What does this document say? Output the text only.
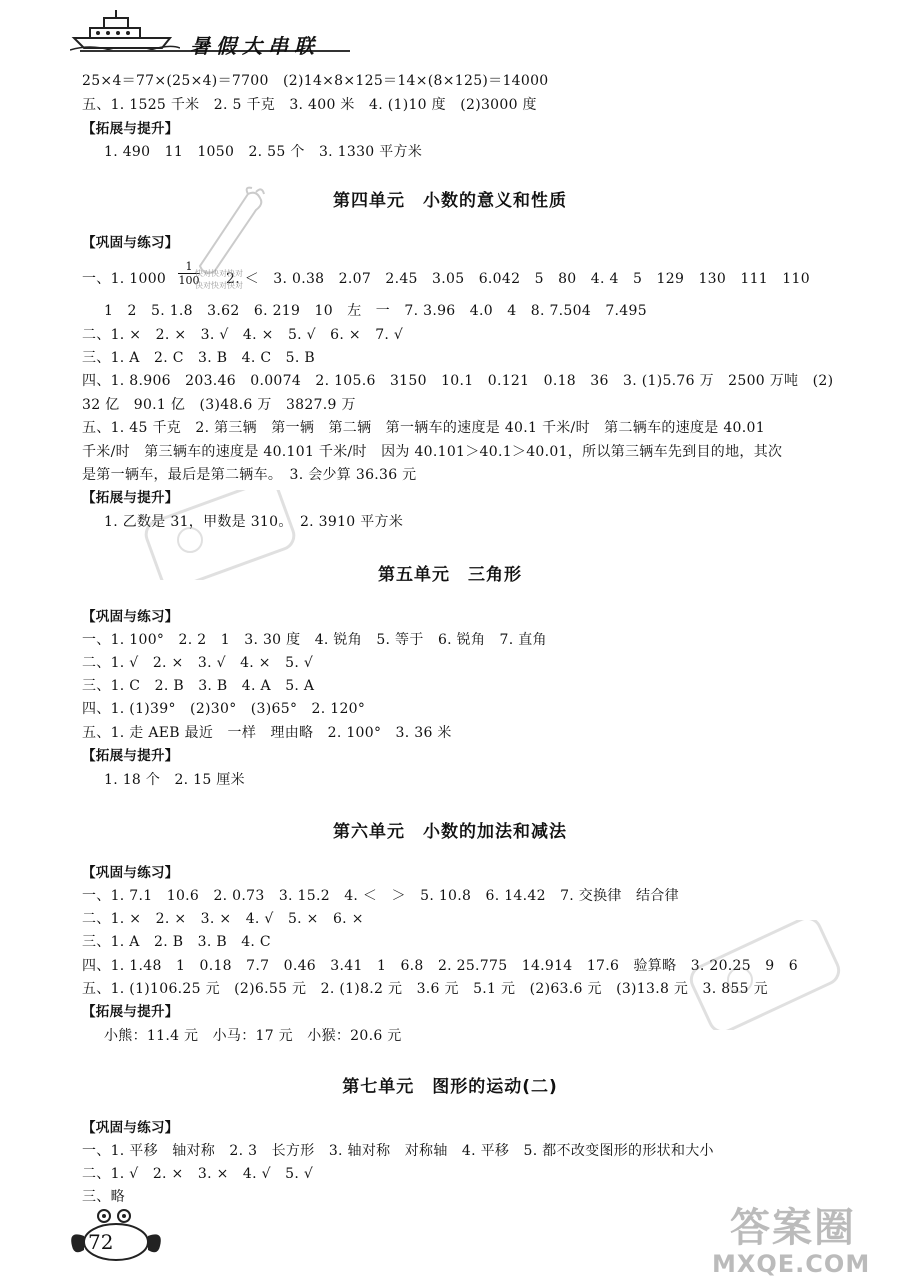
暑假大串联
25×4＝77×(25×4)＝7700　(2)14×8×125＝14×(8×125)＝14000
五、1. 1525 千米　2. 5 千克　3. 400 米　4. (1)10 度　(2)3000 度
【拓展与提升】
1. 490　11　1050　2. 55 个　3. 1330 平方米
第四单元　小数的意义和性质
【巩固与练习】
一、1. $1000 \frac{1}{100} 2$. ＜　3. 0.38　2.07　2.45　3.05　6.042　5　80　4. 4　5　129　130　111　110
1　2　5. 1.8　3.62　6. 219　10　左　一　7. 3.96　4.0　4　8. 7.504　7.495
二、1. ×　2. ×　3. √　4. ×　5. √　6. ×　7. √
三、1. A　2. C　3. B　4. C　5. B
四、1. 8.906　203.46　0.0074　2. 105.6　3150　10.1　0.121　0.18　36　3. (1)5.76 万　2500 万吨　(2)
32 亿　90.1 亿　(3)48.6 万　3827.9 万
五、1. 45 千克　2. 第三辆　第一辆　第二辆　第一辆车的速度是 40.1 千米/时　第二辆车的速度是 40.01
千米/时　第三辆车的速度是 40.101 千米/时　因为 40.101＞40.1＞40.01，所以第三辆车先到目的地，其次
是第一辆车，最后是第二辆车。　3. 会少算 36.36 元
【拓展与提升】
1. 乙数是 31，甲数是 310。　2. 3910 平方米
第五单元　三角形
【巩固与练习】
一、1. 100°　2. 2　1　3. 30 度　4. 锐角　5. 等于　6. 锐角　7. 直角
二、1. √　2. ×　3. √　4. ×　5. √
三、1. C　2. B　3. B　4. A　5. A
四、1. (1)39°　(2)30°　(3)65°　2. 120°
五、1. 走 AEB 最近　一样　理由略　2. 100°　3. 36 米
【拓展与提升】
1. 18 个　2. 15 厘米
第六单元　小数的加法和减法
【巩固与练习】
一、1. 7.1　10.6　2. 0.73　3. 15.2　4. ＜　＞　5. 10.8　6. 14.42　7. 交换律　结合律
二、1. ×　2. ×　3. ×　4. √　5. ×　6. ×
三、1. A　2. B　3. B　4. C
四、1. 1.48　1　0.18　7.7　0.46　3.41　1　6.8　2. 25.775　14.914　17.6　验算略　3. 20.25　9　6
五、1. (1)106.25 元　(2)6.55 元　2. (1)8.2 元　3.6 元　5.1 元　(2)63.6 元　(3)13.8 元　3. 855 元
【拓展与提升】
小熊：11.4 元　小马：17 元　小猴：20.6 元
第七单元　图形的运动(二)
【巩固与练习】
一、1. 平移　轴对称　2. 3　长方形　3. 轴对称　对称轴　4. 平移　5. 都不改变图形的形状和大小
二、1. √　2. ×　3. ×　4. √　5. √
三、略
快对快对快对
快对快对快对
72	答案圈
MXQE.COM
